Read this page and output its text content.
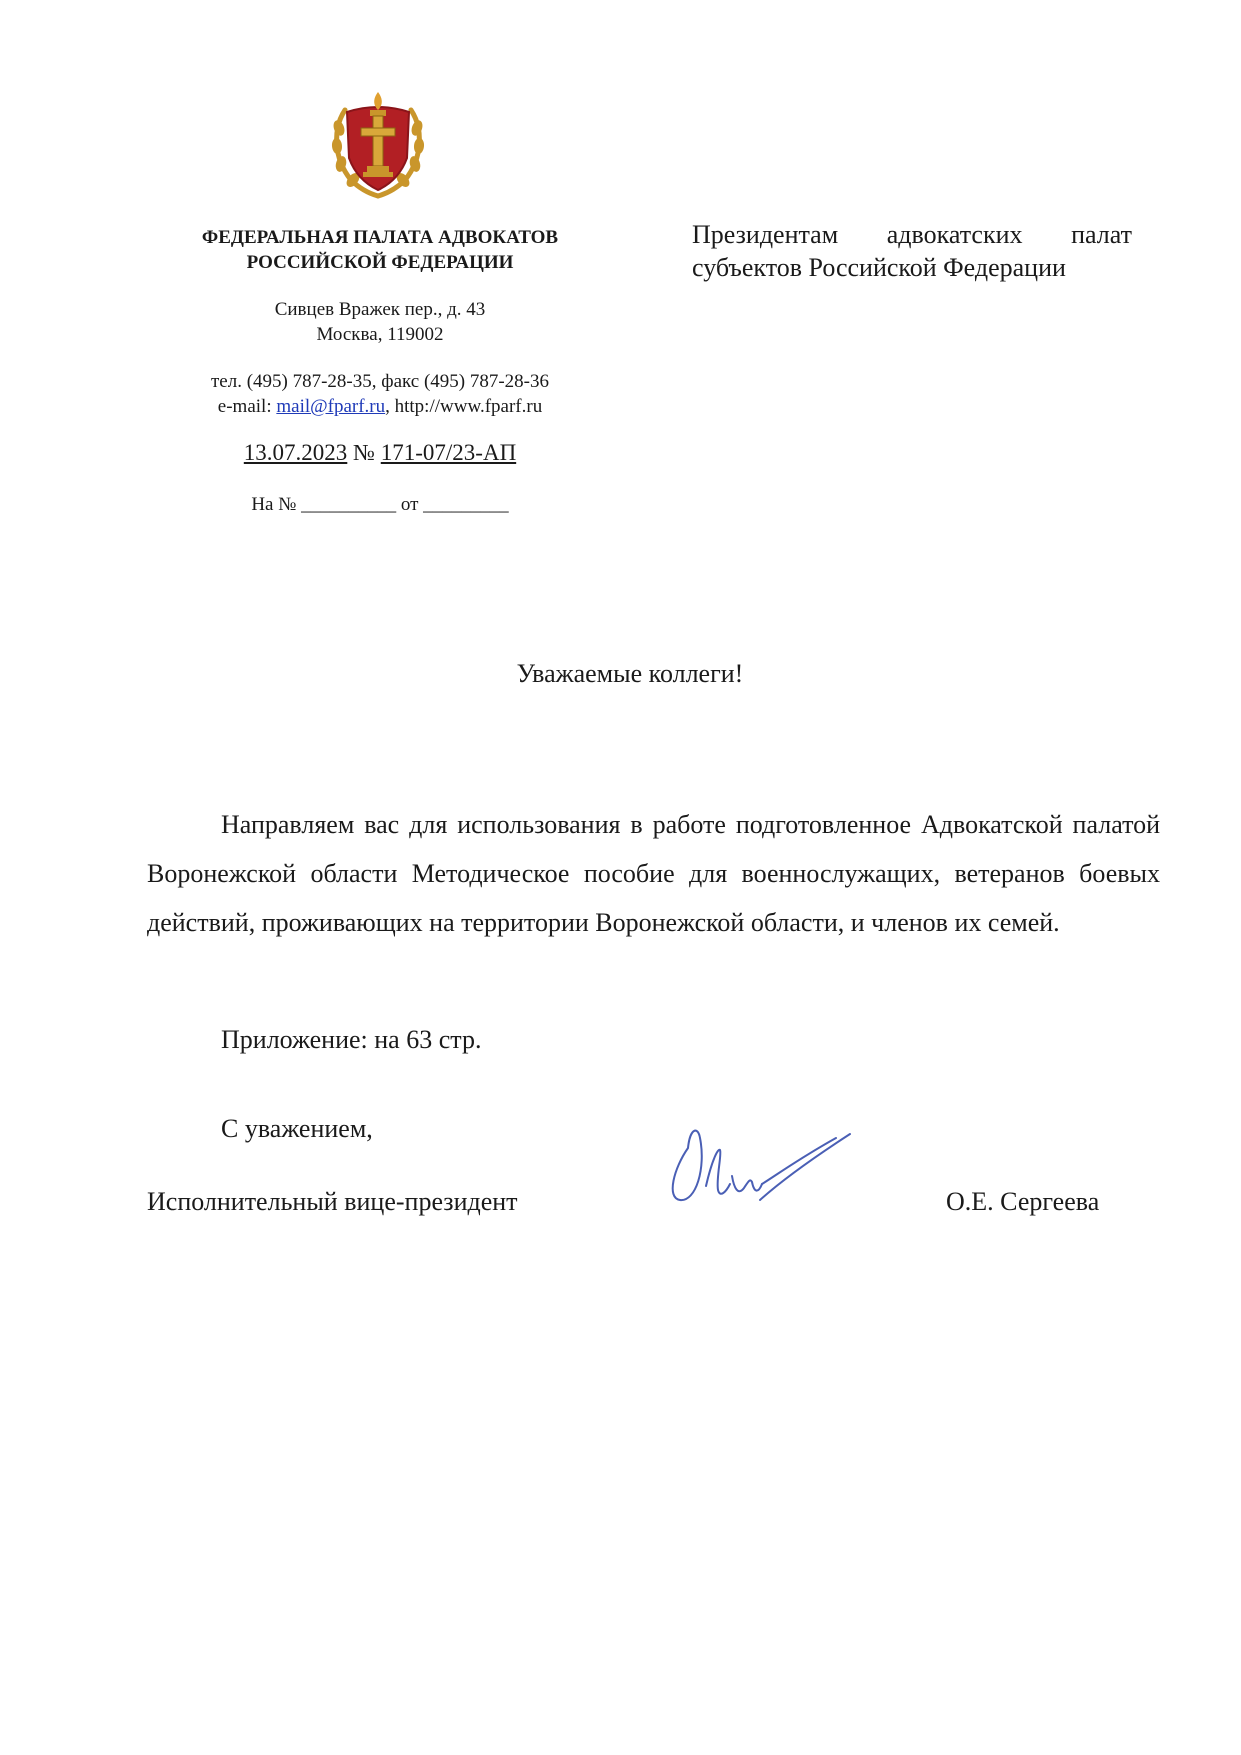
ФЕДЕРАЛЬНАЯ ПАЛАТА АДВОКАТОВ
РОССИЙСКОЙ ФЕДЕРАЦИИ
Сивцев Вражек пер., д. 43
Москва, 119002
тел. (495) 787-28-35, факс (495) 787-28-36
e-mail: mail@fparf.ru, http://www.fparf.ru
13.07.2023 № 171-07/23-АП
На № __________ от _________
Президентам адвокатских палат
субъектов Российской Федерации
Уважаемые коллеги!

Направляем вас для использования в работе подготовленное Адвокатской палатой Воронежской области Методическое пособие для военнослужащих, ветеранов боевых действий, проживающих на территории Воронежской области, и членов их семей.

Приложение: на 63 стр.
С уважением,
Исполнительный вице-президент	О.Е. Сергеева
